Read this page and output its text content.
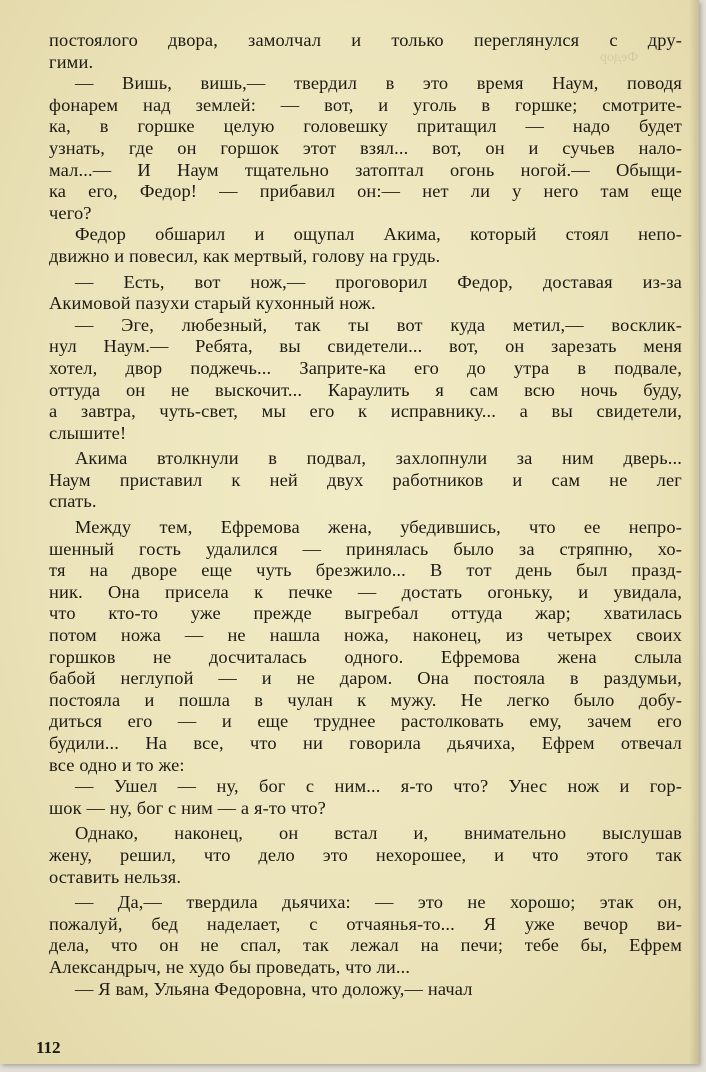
Федор
постоялого двора, замолчал и только переглянулся с дру-
гими.
— Вишь, вишь,— твердил в это время Наум, поводя
фонарем над землей: — вот, и уголь в горшке; смотрите-
ка, в горшке целую головешку притащил — надо будет
узнать, где он горшок этот взял... вот, он и сучьев нало-
мал...— И Наум тщательно затоптал огонь ногой.— Обыщи-
ка его, Федор! — прибавил он:— нет ли у него там еще
чего?
Федор обшарил и ощупал Акима, который стоял непо-
движно и повесил, как мертвый, голову на грудь.
— Есть, вот нож,— проговорил Федор, доставая из-за
Акимовой пазухи старый кухонный нож.
— Эге, любезный, так ты вот куда метил,— восклик-
нул Наум.— Ребята, вы свидетели... вот, он зарезать меня
хотел, двор поджечь... Заприте-ка его до утра в подвале,
оттуда он не выскочит... Караулить я сам всю ночь буду,
а завтра, чуть-свет, мы его к исправнику... а вы свидетели,
слышите!
Акима втолкнули в подвал, захлопнули за ним дверь...
Наум приставил к ней двух работников и сам не лег
спать.
Между тем, Ефремова жена, убедившись, что ее непро-
шенный гость удалился — принялась было за стряпню, хо-
тя на дворе еще чуть брезжило... В тот день был празд-
ник. Она присела к печке — достать огоньку, и увидала,
что кто-то уже прежде выгребал оттуда жар; хватилась
потом ножа — не нашла ножа, наконец, из четырех своих
горшков не досчиталась одного. Ефремова жена слыла
бабой неглупой — и не даром. Она постояла в раздумьи,
постояла и пошла в чулан к мужу. Не легко было добу-
диться его — и еще труднее растолковать ему, зачем его
будили... На все, что ни говорила дьячиха, Ефрем отвечал
все одно и то же:
— Ушел — ну, бог с ним... я-то что? Унес нож и гор-
шок — ну, бог с ним — а я-то что?
Однако, наконец, он встал и, внимательно выслушав
жену, решил, что дело это нехорошее, и что этого так
оставить нельзя.
— Да,— твердила дьячиха: — это не хорошо; этак он,
пожалуй, бед наделает, с отчаянья-то... Я уже вечор ви-
дела, что он не спал, так лежал на печи; тебе бы, Ефрем
Александрыч, не худо бы проведать, что ли...
— Я вам, Ульяна Федоровна, что доложу,— начал
112
